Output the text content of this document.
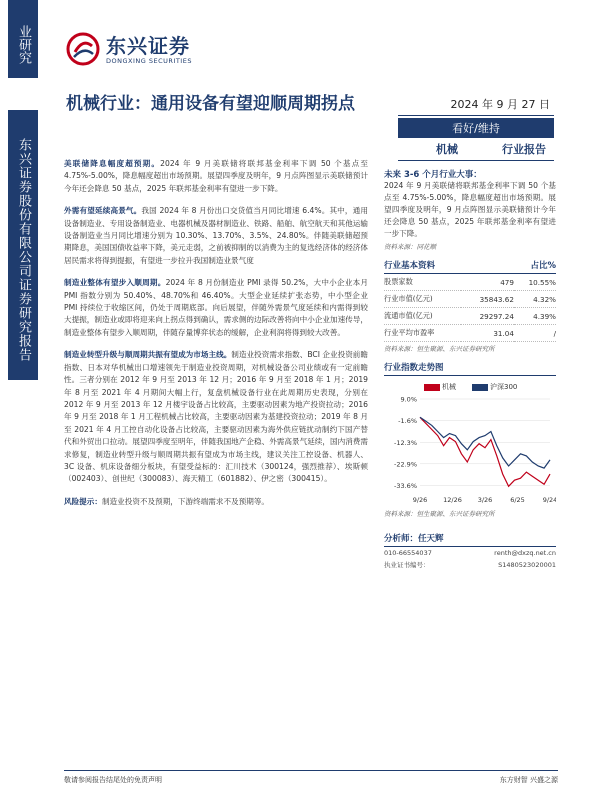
业研究
东兴证券股份有限公司证券研究报告
东兴证券
DONGXING SECURITIES
机械行业：通用设备有望迎顺周期拐点	2024 年 9 月 27 日
看好/维持
机械	行业报告

美联储降息幅度超预期。2024 年 9 月美联储将联邦基金利率下调 50 个基点至 4.75%-5.00%，降息幅度超出市场预期。展望四季度及明年，9 月点阵图显示美联储预计今年还会降息 50 基点，2025 年联邦基金利率有望进一步下降。

外需有望延续高景气。我国 2024 年 8 月份出口交货值当月同比增速 6.4%。其中，通用设备制造业、专用设备制造业、电器机械及器材制造业、铁路、船舶、航空航天和其他运输设备制造业当月同比增速分别为 10.30%、13.70%、3.5%、24.80%。伴随美联储超预期降息，美国国债收益率下降，美元走弱，之前被抑制的以消费为主的复选经济体的经济体居民需求将得到提振，有望进一步拉升我国制造业景气度

制造业整体有望步入顺周期。2024 年 8 月份制造业 PMI 录得 50.2%，大中小企业本月 PMI 指数分别为 50.40%、48.70%和 46.40%。大型企业延续扩张态势，中小型企业 PMI 持续位于收缩区间，仍处于周期底部。向后展望，伴随外需景气度延续和内需得到较大提振，制造业或即将迎来向上拐点得到确认，需求侧的边际改善将向中小企业加速传导，制造业整体有望步入顺周期，伴随存量博弈状态的缓解，企业利润将得到较大改善。

制造业转型升级与顺周期共振有望成为市场主线。制造业投资需求指数、BCI 企业投资前瞻指数、日本对华机械出口增速领先于制造业投资周期，对机械设备公司业绩或有一定前瞻性。三者分别在 2012 年 9 月至 2013 年 12 月；2016 年 9 月至 2018 年 1 月；2019 年 8 月至 2021 年 4 月期间大幅上行，复盘机械设备行业在此周期历史表现，分别在 2012 年 9 月至 2013 年 12 月楼宇设备占比较高，主要驱动因素为地产投资拉动；2016 年 9 月至 2018 年 1 月工程机械占比较高，主要驱动因素为基建投资拉动；2019 年 8 月至 2021 年 4 月工控自动化设备占比较高，主要驱动因素为海外供应链扰动制约下国产替代和外贸出口拉动。展望四季度至明年，伴随我国地产企稳、外需高景气延续，国内消费需求修复，制造业转型升级与顺周期共振有望成为市场主线，建议关注工控设备、机器人、3C 设备、机床设备细分板块，有望受益标的：汇川技术（300124，强烈推荐）、埃斯顿（002403）、创世纪（300083）、海天精工（601882）、伊之密（300415）。

风险提示：制造业投资不及预期，下游终端需求不及预期等。

未来 3-6 个月行业大事：
2024 年 9 月美联储将联邦基金利率下调 50 个基点至 4.75%-5.00%，降息幅度超出市场预期。展望四季度及明年，9 月点阵图显示美联储预计今年还会降息 50 基点，2025 年联邦基金利率有望进一步下降。
资料来源：同花顺
行业基本资料	占比%
股票家数	479	10.55%
行业市值(亿元)	35843.62	4.32%
流通市值(亿元)	29297.24	4.39%
行业平均市盈率	31.04	/
资料来源：恒生聚源、东兴证券研究所
行业指数走势图
机械	沪深300
9.0%
-1.6%
-12.3%
-22.9%
-33.6%
9/26 12/26 3/26	6/25	9/24
资料来源：恒生聚源、东兴证券研究所
分析师：任天辉
010-66554037	renth@dxzq.net.cn
执业证书编号：	S1480523020001
敬请参阅报告结尾处的免责声明	东方财智 兴盛之源
